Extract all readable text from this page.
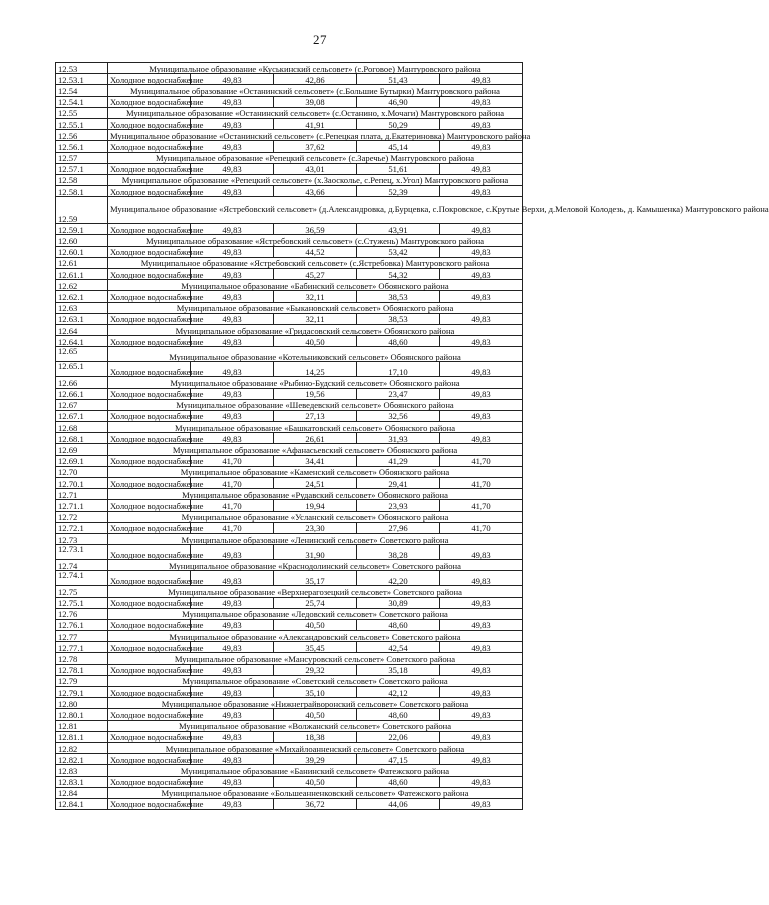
27
12.53	Муниципальное образование «Куськинский сельсовет» (с.Роговое) Мантуровского района				
12.53.1	Холодное водоснабжение	49,83	42,86	51,43	49,83
12.54	Муниципальное образование «Останинский сельсовет» (с.Большие Бутырки) Мантуровского района				
12.54.1	Холодное водоснабжение	49,83	39,08	46,90	49,83
12.55	Муниципальное образование «Останинский сельсовет» (с.Останино, х.Мочаги) Мантуровского района				
12.55.1	Холодное водоснабжение	49,83	41,91	50,29	49,83
12.56	Муниципальное образование «Останинский сельсовет» (с.Репецкая плата, д.Екатериновка) Мантуровского района				
12.56.1	Холодное водоснабжение	49,83	37,62	45,14	49,83
12.57	Муниципальное образование «Репецкий сельсовет» (с.Заречье) Мантуровского района				
12.57.1	Холодное водоснабжение	49,83	43,01	51,61	49,83
12.58	Муниципальное образование «Репецкий сельсовет» (х.Заосколье, с.Репец, х.Угол) Мантуровского района				
12.58.1	Холодное водоснабжение	49,83	43,66	52,39	49,83
12.59	Муниципальное образование «Ястребовский сельсовет» (д.Александровка, д.Бурцевка, с.Покровское, с.Крутые Верхи, д.Меловой Колодезь, д. Камышенка) Мантуровского района				
12.59.1	Холодное водоснабжение	49,83	36,59	43,91	49,83
12.60	Муниципальное образование «Ястребовский сельсовет» (с.Стужень) Мантуровского района				
12.60.1	Холодное водоснабжение	49,83	44,52	53,42	49,83
12.61	Муниципальное образование «Ястребовский сельсовет» (с.Ястребовка) Мантуровского района				
12.61.1	Холодное водоснабжение	49,83	45,27	54,32	49,83
12.62	Муниципальное образование «Бабинский сельсовет» Обоянского района				
12.62.1	Холодное водоснабжение	49,83	32,11	38,53	49,83
12.63	Муниципальное образование «Быкановский сельсовет» Обоянского района				
12.63.1	Холодное водоснабжение	49,83	32,11	38,53	49,83
12.64	Муниципальное образование «Гридасовский сельсовет» Обоянского района				
12.64.1	Холодное водоснабжение	49,83	40,50	48,60	49,83
12.65	Муниципальное образование «Котельниковский сельсовет» Обоянского района				
12.65.1	Холодное водоснабжение	49,83	14,25	17,10	49,83
12.66	Муниципальное образование «Рыбино-Будский сельсовет» Обоянского района				
12.66.1	Холодное водоснабжение	49,83	19,56	23,47	49,83
12.67	Муниципальное образование «Шеведевский сельсовет» Обоянского района				
12.67.1	Холодное водоснабжение	49,83	27,13	32,56	49,83
12.68	Муниципальное образование «Башкатовский сельсовет» Обоянского района				
12.68.1	Холодное водоснабжение	49,83	26,61	31,93	49,83
12.69	Муниципальное образование «Афанасьевский сельсовет» Обоянского района				
12.69.1	Холодное водоснабжение	41,70	34,41	41,29	41,70
12.70	Муниципальное образование «Каменский сельсовет» Обоянского района				
12.70.1	Холодное водоснабжение	41,70	24,51	29,41	41,70
12.71	Муниципальное образование «Рудавский сельсовет» Обоянского района				
12.71.1	Холодное водоснабжение	41,70	19,94	23,93	41,70
12.72	Муниципальное образование «Усланский сельсовет» Обоянского района				
12.72.1	Холодное водоснабжение	41,70	23,30	27,96	41,70
12.73	Муниципальное образование «Ленинский сельсовет» Советского района				
12.73.1	Холодное водоснабжение	49,83	31,90	38,28	49,83
12.74	Муниципальное образование «Краснодолинский сельсовет» Советского района				
12.74.1	Холодное водоснабжение	49,83	35,17	42,20	49,83
12.75	Муниципальное образование «Верхнерагозецкий сельсовет» Советского района				
12.75.1	Холодное водоснабжение	49,83	25,74	30,89	49,83
12.76	Муниципальное образование «Ледовский сельсовет» Советского района				
12.76.1	Холодное водоснабжение	49,83	40,50	48,60	49,83
12.77	Муниципальное образование «Александровский сельсовет» Советского района				
12.77.1	Холодное водоснабжение	49,83	35,45	42,54	49,83
12.78	Муниципальное образование «Мансуровский сельсовет» Советского района				
12.78.1	Холодное водоснабжение	49,83	29,32	35,18	49,83
12.79	Муниципальное образование «Советский сельсовет» Советского района				
12.79.1	Холодное водоснабжение	49,83	35,10	42,12	49,83
12.80	Муниципальное образование «Нижнеграйворонский сельсовет» Советского района				
12.80.1	Холодное водоснабжение	49,83	40,50	48,60	49,83
12.81	Муниципальное образование «Волжанский сельсовет» Советского района				
12.81.1	Холодное водоснабжение	49,83	18,38	22,06	49,83
12.82	Муниципальное образование «Михайлоанненский сельсовет» Советского района				
12.82.1	Холодное водоснабжение	49,83	39,29	47,15	49,83
12.83	Муниципальное образование «Банинский сельсовет» Фатежского района				
12.83.1	Холодное водоснабжение	49,83	40,50	48,60	49,83
12.84	Муниципальное образование «Большеанненковский сельсовет» Фатежского района				
12.84.1	Холодное водоснабжение	49,83	36,72	44,06	49,83
